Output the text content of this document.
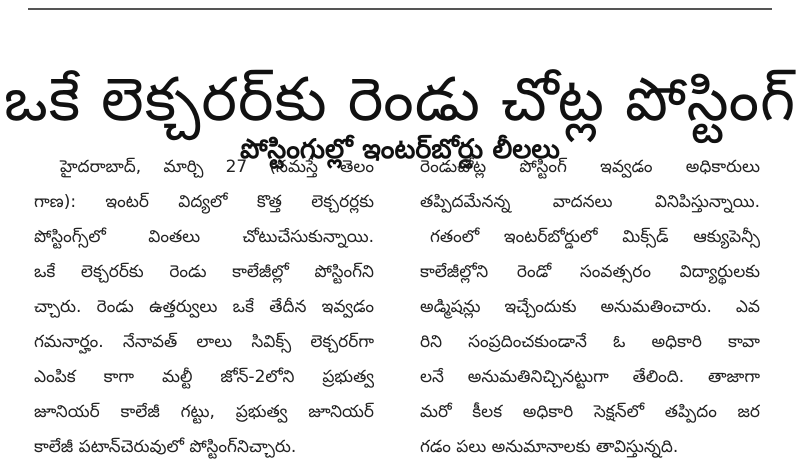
ఒకే లెక్చరర్‌కు రెండు చోట్ల పోస్టింగ్
పోస్టింగుల్లో ఇంటర్‌బోర్డు లీలలు
హైదరాబాద్, మార్చి 27 (నమస్తే తెలం
గాణ): ఇంటర్ విద్యలో కొత్త లెక్చరర్లకు
పోస్టింగ్స్‌లో వింతలు చోటుచేసుకున్నాయి.
ఒకే లెక్చరర్‌కు రెండు కాలేజీల్లో పోస్టింగ్‌ని
చ్చారు. రెండు ఉత్తర్వులు ఒకే తేదీన ఇవ్వడం
గమనార్హం. నేనావత్ లాలు సివిక్స్ లెక్చరర్‌గా
ఎంపిక కాగా మల్టీ జోన్-2లోని ప్రభుత్వ
జూనియర్ కాలేజీ గట్టు, ప్రభుత్వ జూనియర్
కాలేజీ పటాన్‌చెరువులో పోస్టింగ్‌నిచ్చారు.
రెండుచోట్ల పోస్టింగ్ ఇవ్వడం అధికారులు
తప్పిదమేనన్న వాదనలు వినిపిస్తున్నాయి.
గతంలో ఇంటర్‌బోర్డులో మిక్స్‌డ్ ఆక్యుపెన్సీ
కాలేజీల్లోని రెండో సంవత్సరం విద్యార్థులకు
అడ్మిషన్లు ఇచ్చేందుకు అనుమతించారు. ఎవ
రిని సంప్రదించకుండానే ఓ అధికారి కావా
లనే అనుమతినిచ్చినట్టుగా తేలింది. తాజాగా
మరో కీలక అధికారి సెక్షన్‌లో తప్పిదం జర
గడం పలు అనుమానాలకు తావిస్తున్నది.
